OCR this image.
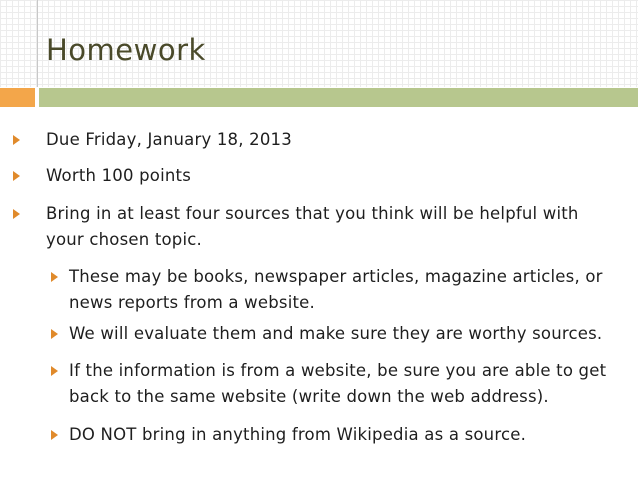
Homework
Due Friday, January 18, 2013
Worth 100 points
Bring in at least four sources that you think will be helpful with your chosen topic.
These may be books, newspaper articles, magazine articles, or news reports from a website.
We will evaluate them and make sure they are worthy sources.
If the information is from a website, be sure you are able to get back to the same website (write down the web address).
DO NOT bring in anything from Wikipedia as a source.
